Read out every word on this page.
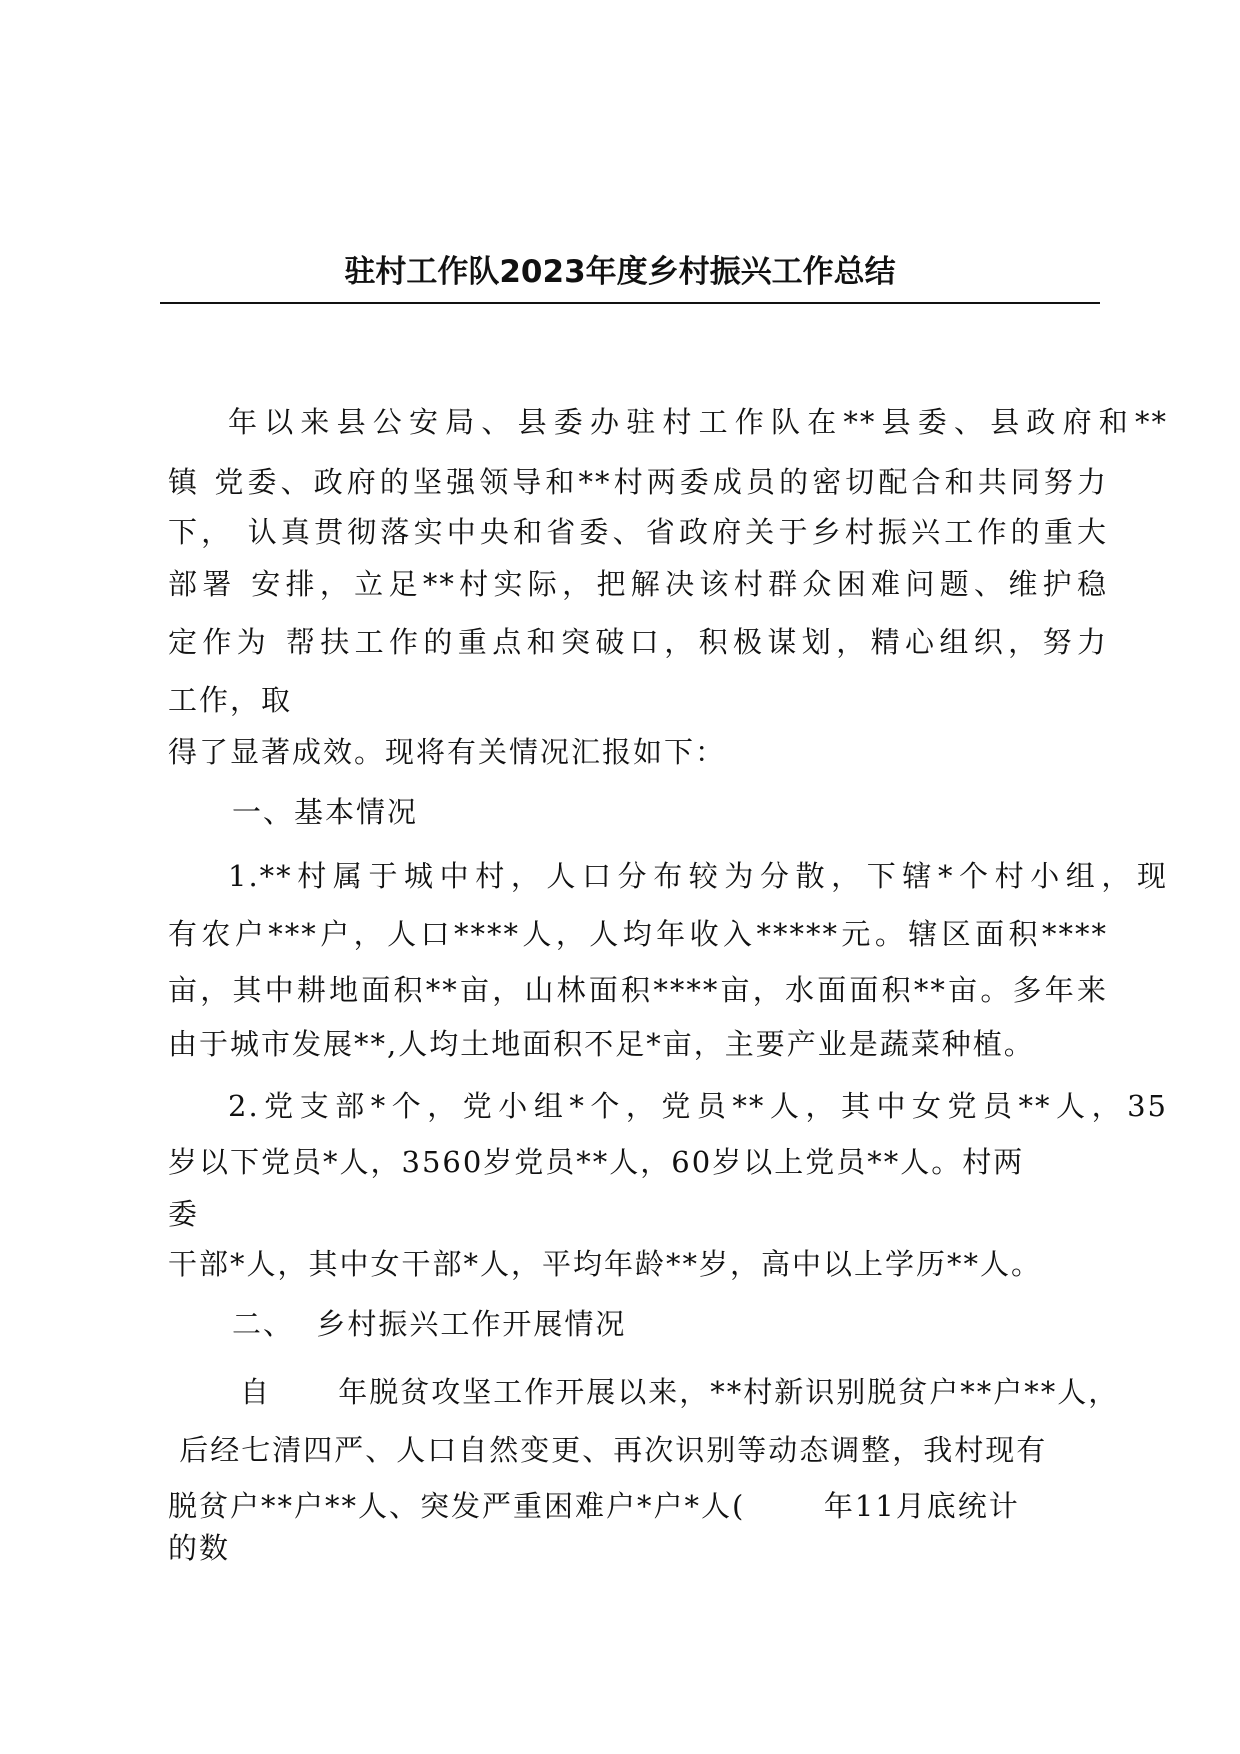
驻村工作队2023年度乡村振兴工作总结
年以来县公安局、县委办驻村工作队在**县委、县政府和**
镇 党委、政府的坚强领导和**村两委成员的密切配合和共同努力
下， 认真贯彻落实中央和省委、省政府关于乡村振兴工作的重大
部署 安排，立足**村实际，把解决该村群众困难问题、维护稳
定作为 帮扶工作的重点和突破口，积极谋划，精心组织，努力
工作，取
得了显著成效。现将有关情况汇报如下：
一、基本情况
1.**村属于城中村，人口分布较为分散，下辖*个村小组，现
有农户***户，人口****人，人均年收入*****元。辖区面积****
亩，其中耕地面积**亩，山林面积****亩，水面面积**亩。多年来
由于城市发展**,人均土地面积不足*亩，主要产业是蔬菜种植。
2.党支部*个，党小组*个，党员**人，其中女党员**人，35
岁以下党员*人，3560岁党员**人，60岁以上党员**人。村两
委
干部*人，其中女干部*人，平均年龄**岁，高中以上学历**人。
二、  乡村振兴工作开展情况
自      年脱贫攻坚工作开展以来，**村新识别脱贫户**户**人，
后经七清四严、人口自然变更、再次识别等动态调整，我村现有
脱贫户**户**人、突发严重困难户*户*人(       年11月底统计
的数
